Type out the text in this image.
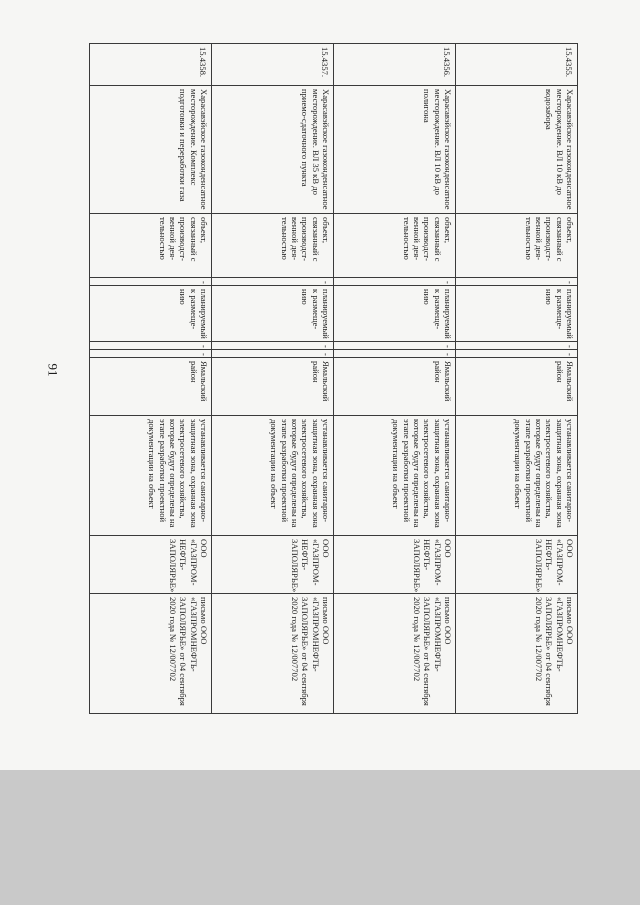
91
15.4355.	Харасавэйское газоконденсатное месторождение. ВЛ 10 кВ до водозабора	объект, связанный с производст-венной дея-тельностью	-	планируемый к размеще-нию	-	-	Ямальский район	устанавливается санитарно-защитная зона, охранная зона электросетевого хозяйства, которые будут определены на этапе разработки проектной документации на объект	ООО «ГАЗПРОМ-НЕФТЬ-ЗАПОЛЯРЬЕ»	письмо ООО «ГАЗПРОМНЕФТЬ-ЗАПОЛЯРЬЕ» от 04 сентября 2020 года № 12/007702
15.4356.	Харасавэйское газоконденсатное месторождение. ВЛ 10 кВ до полигона	объект, связанный с производст-венной дея-тельностью	-	планируемый к размеще-нию	-	-	Ямальский район	устанавливается санитарно-защитная зона, охранная зона электросетевого хозяйства, которые будут определены на этапе разработки проектной документации на объект	ООО «ГАЗПРОМ-НЕФТЬ-ЗАПОЛЯРЬЕ»	письмо ООО «ГАЗПРОМНЕФТЬ-ЗАПОЛЯРЬЕ» от 04 сентября 2020 года № 12/007702
15.4357.	Харасавэйское газоконденсатное месторождение. ВЛ 35 кВ до приемо-сдаточного пункта	объект, связанный с производст-венной дея-тельностью	-	планируемый к размеще-нию	-	-	Ямальский район	устанавливается санитарно-защитная зона, охранная зона электросетевого хозяйства, которые будут определены на этапе разработки проектной документации на объект	ООО «ГАЗПРОМ-НЕФТЬ-ЗАПОЛЯРЬЕ»	письмо ООО «ГАЗПРОМНЕФТЬ-ЗАПОЛЯРЬЕ» от 04 сентября 2020 года № 12/007702
15.4358.	Харасавэйское газоконденсатное месторождение. Комплекс подготовки и переработки газа	объект, связанный с производст-венной дея-тельностью	-	планируемый к размеще-нию	-	-	Ямальский район	устанавливается санитарно-защитная зона, охранная зона электросетевого хозяйства, которые будут определены на этапе разработки проектной документации на объект	ООО «ГАЗПРОМ-НЕФТЬ-ЗАПОЛЯРЬЕ»	письмо ООО «ГАЗПРОМНЕФТЬ-ЗАПОЛЯРЬЕ» от 04 сентября 2020 года № 12/007702
